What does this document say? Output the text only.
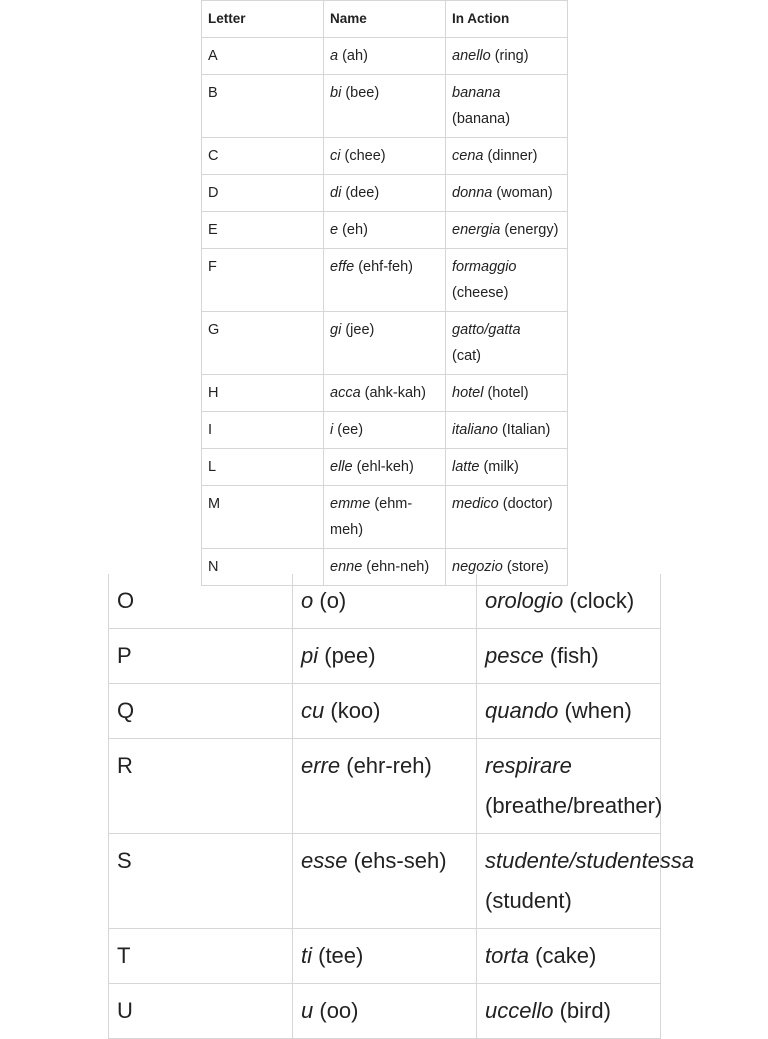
Letter	Name	In Action
A	a (ah)	anello (ring)
B	bi (bee)	banana
(banana)
C	ci (chee)	cena (dinner)
D	di (dee)	donna (woman)
E	e (eh)	energia (energy)
F	effe (ehf-feh)	formaggio
(cheese)
G	gi (jee)	gatto/gatta
(cat)
H	acca (ahk-kah)	hotel (hotel)
I	i (ee)	italiano (Italian)
L	elle (ehl-keh)	latte (milk)
M	emme (ehm-meh)	medico (doctor)
N	enne (ehn-neh)	negozio (store)
O	o (o)	orologio (clock)
P	pi (pee)	pesce (fish)
Q	cu (koo)	quando (when)
R	erre (ehr-reh)	respirare
(breathe/breather)
S	esse (ehs-seh)	studente/studentessa
(student)
T	ti (tee)	torta (cake)
U	u (oo)	uccello (bird)
